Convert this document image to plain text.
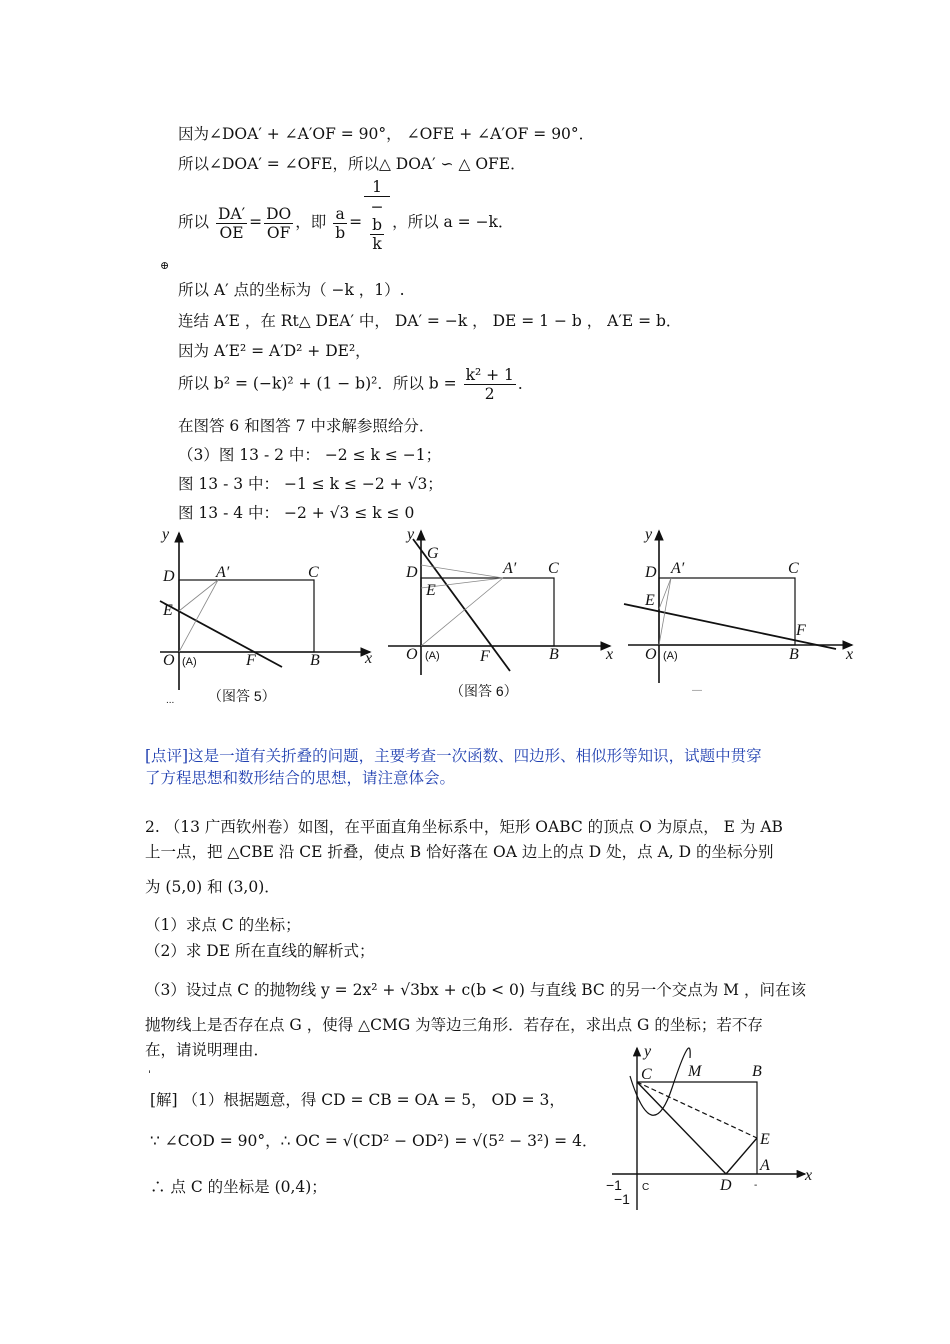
因为∠DOA′ + ∠A′OF = 90°， ∠OFE + ∠A′OF = 90°．
所以∠DOA′ = ∠OFE，所以△ DOA′ ∽ △ OFE．
所以 $\frac{DA'}{OE} = \frac{DO}{OF}$ ，即 $\frac{a}{b} = 1$
−
b
k ，所以 a = −k．
⊕
所以 A′ 点的坐标为（ −k ，1）.
连结 A′E ，在 Rt△ DEA′ 中， DA′ = −k ， DE = 1 − b ， A′E = b．
因为 A′E² = A′D² + DE²，
所以 b² = (−k)² + (1 − b)²．所以 $b = \frac{\text{k² + 1}}{2}$ ．
在图答 6 和图答 7 中求解参照给分．
（3）图 13 - 2 中： −2 ≤ k ≤ −1；
图 13 - 3 中： −1 ≤ k ≤ −2 + √3；
图 13 - 4 中： −2 + √3 ≤ k ≤ 0
y
x
D	A′	C
E
O (A)	F	B
... （图答 5）
y
x
G
D
E
A′ C
O (A)	F	B
（图答 6）
y
x
D A′	C
E
F
O (A)	B
—
[点评]这是一道有关折叠的问题，主要考查一次函数、四边形、相似形等知识，试题中贯穿
了方程思想和数形结合的思想，请注意体会。
2. （13 广西钦州卷）如图，在平面直角坐标系中，矩形 OABC 的顶点 O 为原点， E 为 AB
上一点，把 △CBE 沿 CE 折叠，使点 B 恰好落在 OA 边上的点 D 处，点 A, D 的坐标分别
为 (5,0) 和 (3,0)．
（1）求点 C 的坐标；
（2）求 DE 所在直线的解析式；
（3）设过点 C 的抛物线 y = 2x² + √3bx + c(b < 0) 与直线 BC 的另一个交点为 M ，问在该
抛物线上是否存在点 G ，使得 △CMG 为等边三角形．若存在，求出点 G 的坐标；若不存
在，请说明理由．
ˈ
[解] （1）根据题意，得 CD = CB = OA = 5， OD = 3，
∵ ∠COD = 90°，∴ OC = √(CD² − OD²) = √(5² − 3²) = 4．
∴ 点 C 的坐标是 (0,4)；
y
x
C M	B
E
A
D
C	-
−1
−1
